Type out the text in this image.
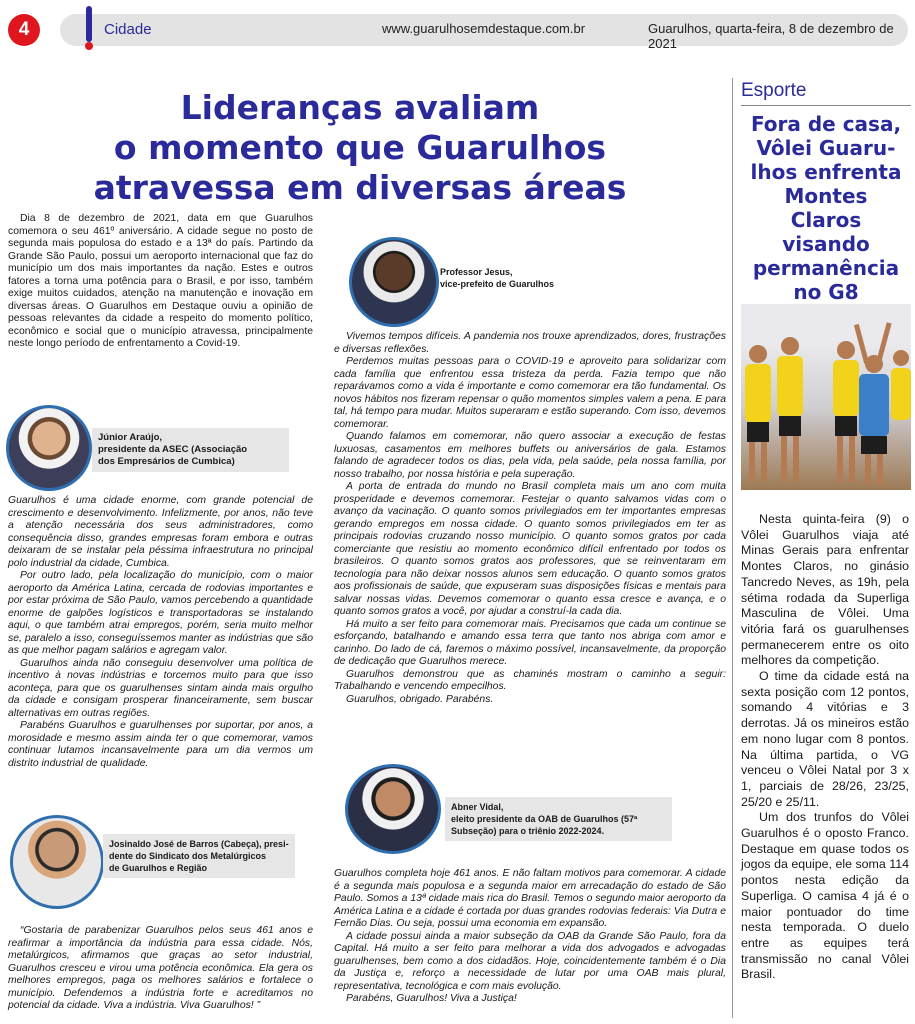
4	Cidade	www.guarulhosemdestaque.com.br	Guarulhos, quarta-feira, 8 de dezembro de 2021
Lideranças avaliam
o momento que Guarulhos
atravessa em diversas áreas

Dia 8 de dezembro de 2021, data em que Guarulhos comemora o seu 461º aniversário. A cidade segue no posto de segunda mais populosa do estado e a 13ª do país. Partindo da Grande São Paulo, possui um aeroporto internacional que faz do município um dos mais importantes da nação. Estes e outros fatores a torna uma potência para o Brasil, e por isso, também exige muitos cuidados, atenção na manutenção e inovação em diversas áreas. O Guarulhos em Destaque ouviu a opinião de pessoas relevantes da cidade a respeito do momento político, econômico e social que o município atravessa, principalmente neste longo período de enfrentamento a Covid-19.

Júnior Araújo,
presidente da ASEC (Associação
dos Empresários de Cumbica)

Guarulhos é uma cidade enorme, com grande potencial de crescimento e desenvolvimento. Infelizmente, por anos, não teve a atenção necessária dos seus administradores, como consequência disso, grandes empresas foram embora e outras deixaram de se instalar pela péssima infraestrutura no principal polo industrial da cidade, Cumbica.

Por outro lado, pela localização do município, com o maior aeroporto da América Latina, cercada de rodovias importantes e por estar próxima de São Paulo, vamos percebendo a quantidade enorme de galpões logísticos e transportadoras se instalando aqui, o que também atrai empregos, porém, seria muito melhor se, paralelo a isso, conseguíssemos manter as indústrias que são as que melhor pagam salários e agregam valor.

Guarulhos ainda não conseguiu desenvolver uma política de incentivo à novas indústrias e torcemos muito para que isso aconteça, para que os guarulhenses sintam ainda mais orgulho da cidade e consigam prosperar financeiramente, sem buscar alternativas em outras regiões.

Parabéns Guarulhos e guarulhenses por suportar, por anos, a morosidade e mesmo assim ainda ter o que comemorar, vamos continuar lutamos incansavelmente para um dia vermos um distrito industrial de qualidade.

Josinaldo José de Barros (Cabeça), presi-
dente do Sindicato dos Metalúrgicos
de Guarulhos e Região

“Gostaria de parabenizar Guarulhos pelos seus 461 anos e reafirmar a importância da indústria para essa cidade. Nós, metalúrgicos, afirmamos que graças ao setor industrial, Guarulhos cresceu e virou uma potência econômica. Ela gera os melhores empregos, paga os melhores salários e fortalece o município. Defendemos a indústria forte e acreditamos no potencial da cidade. Viva a indústria. Viva Guarulhos! ”

Professor Jesus,
vice-prefeito de Guarulhos

Vivemos tempos difíceis. A pandemia nos trouxe aprendizados, dores, frustrações e diversas reflexões.

Perdemos muitas pessoas para o COVID-19 e aproveito para solidarizar com cada família que enfrentou essa tristeza da perda. Fazia tempo que não reparávamos como a vida é importante e como comemorar era tão fundamental. Os novos hábitos nos fizeram repensar o quão momentos simples valem a pena. E para tal, há tempo para mudar. Muitos superaram e estão superando. Com isso, devemos comemorar.

Quando falamos em comemorar, não quero associar a execução de festas luxuosas, casamentos em melhores buffets ou aniversários de gala. Estamos falando de agradecer todos os dias, pela vida, pela saúde, pela nossa família, por nosso trabalho, por nossa história e pela superação.

A porta de entrada do mundo no Brasil completa mais um ano com muita prosperidade e devemos comemorar. Festejar o quanto salvamos vidas com o avanço da vacinação. O quanto somos privilegiados em ter importantes empresas gerando empregos em nossa cidade. O quanto somos privilegiados em ter as principais rodovias cruzando nosso município. O quanto somos gratos por cada comerciante que resistiu ao momento econômico difícil enfrentado por todos os brasileiros. O quanto somos gratos aos professores, que se reinventaram em tecnologia para não deixar nossos alunos sem educação. O quanto somos gratos aos profissionais de saúde, que expuseram suas disposições físicas e mentais para salvar nossas vidas. Devemos comemorar o quanto essa cresce e avança, e o quanto somos gratos a você, por ajudar a construí-la cada dia.

Há muito a ser feito para comemorar mais. Precisamos que cada um continue se esforçando, batalhando e amando essa terra que tanto nos abriga com amor e carinho. Do lado de cá, faremos o máximo possível, incansavelmente, da proporção de dedicação que Guarulhos merece.

Guarulhos demonstrou que as chaminés mostram o caminho a seguir: Trabalhando e vencendo empecilhos.

Guarulhos, obrigado. Parabéns.

Abner Vidal,
eleito presidente da OAB de Guarulhos (57ª
Subseção) para o triênio 2022-2024.

Guarulhos completa hoje 461 anos. E não faltam motivos para comemorar. A cidade é a segunda mais populosa e a segunda maior em arrecadação do estado de São Paulo. Somos a 13ª cidade mais rica do Brasil. Temos o segundo maior aeroporto da América Latina e a cidade é cortada por duas grandes rodovias federais: Via Dutra e Fernão Dias. Ou seja, possui uma economia em expansão.

A cidade possui ainda a maior subseção da OAB da Grande São Paulo, fora da Capital. Há muito a ser feito para melhorar a vida dos advogados e advogadas guarulhenses, bem como a dos cidadãos. Hoje, coincidentemente também é o Dia da Justiça e, reforço a necessidade de lutar por uma OAB mais plural, representativa, tecnológica e com mais evolução.

Parabéns, Guarulhos! Viva a Justiça!

Esporte
Fora de casa,
Vôlei Guaru-
lhos enfrenta
Montes
Claros
visando
permanência
no G8

Nesta quinta-feira (9) o Vôlei Guarulhos viaja até Minas Gerais para enfrentar Montes Claros, no ginásio Tancredo Neves, as 19h, pela sétima rodada da Superliga Masculina de Vôlei. Uma vitória fará os guarulhenses permanecerem entre os oito melhores da competição.

O time da cidade está na sexta posição com 12 pontos, somando 4 vitórias e 3 derrotas. Já os mineiros estão em nono lugar com 8 pontos. Na última partida, o VG venceu o Vôlei Natal por 3 x 1, parciais de 28/26, 23/25, 25/20 e 25/11.

Um dos trunfos do Vôlei Guarulhos é o oposto Franco. Destaque em quase todos os jogos da equipe, ele soma 114 pontos nesta edição da Superliga. O camisa 4 já é o maior pontuador do time nesta temporada. O duelo entre as equipes terá transmissão no canal Vôlei Brasil.
